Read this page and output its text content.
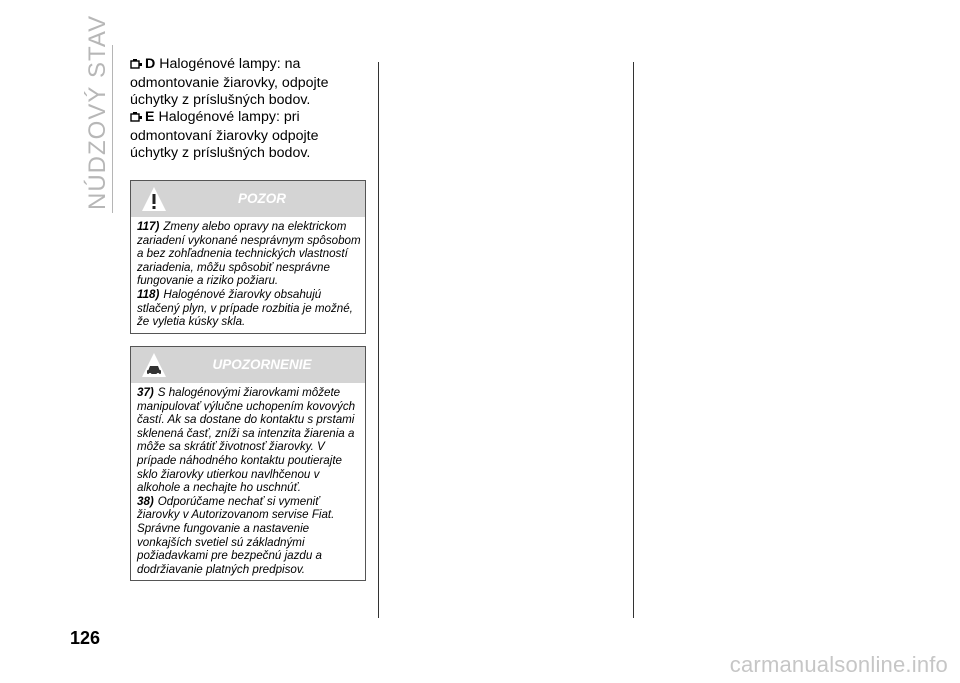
NÚDZOVÝ STAV	D Halogénové lampy: na odmontovanie žiarovky, odpojte úchytky z príslušných bodov.

E Halogénové lampy: pri odmontovaní žiarovky odpojte úchytky z príslušných bodov.

POZOR

117) Zmeny alebo opravy na elektrickom zariadení vykonané nesprávnym spôsobom a bez zohľadnenia technických vlastností zariadenia, môžu spôsobiť nesprávne fungovanie a riziko požiaru.

118) Halogénové žiarovky obsahujú stlačený plyn, v prípade rozbitia je možné, že vyletia kúsky skla.

UPOZORNENIE

37) S halogénovými žiarovkami môžete manipulovať výlučne uchopením kovových častí. Ak sa dostane do kontaktu s prstami sklenená časť, zníži sa intenzita žiarenia a môže sa skrátiť životnosť žiarovky. V prípade náhodného kontaktu poutierajte sklo žiarovky utierkou navlhčenou v alkohole a nechajte ho uschnúť.

38) Odporúčame nechať si vymeniť žiarovky v Autorizovanom servise Fiat. Správne fungovanie a nastavenie vonkajších svetiel sú základnými požiadavkami pre bezpečnú jazdu a dodržiavanie platných predpisov.

126
carmanualsonline.info
